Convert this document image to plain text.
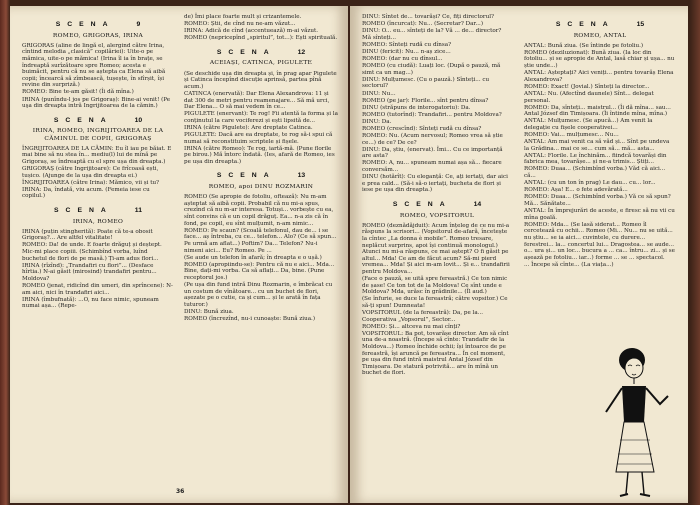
SCENA	9
ROMEO, GRIGORAS, IRINA

GRIGORAS (aline de lingă el, alergind către Irina, cîntind melodia „clasică” copilăriei): Uite-o pe mămica, uite-o pe mămica! (Irina îl ia în brațe, se îndreaptă surîzătoare spre Romeo; acesta e buimăcit, pentru că nu se aștepta ca Elena să aibă copii; încearcă să zîmbească, tușește, în sfîrșit, își revine din surpriză.)

ROMEO: Bine te-am găsit! (Îi dă mîna.)

IRINA (punîndu-l jos pe Grigoraș): Bine-ai venit! (Pe uşa din dreapta intră Ingrijitoarea de la cămin.)

SCENA	10
IRINA, ROMEO, INGRIJITOAREA DE LA CĂMINUL DE COPII, GRIGORAȘ

ÎNGRIJITOAREA DE LA CĂMIN: Eu îl iau pe băiat. E mai bine să nu stea în... mediu(l) lui de mînă pe Grigoraș, se îndreaptă cu el spre ușa din dreapta.)

GRIGORAȘ (către Ingrijitoare): Ce frîcoasă ești, tușico. (Ajunge de la ușa din dreapta ei.)

ÎNGRIJITOAREA (către Irina): Mămico, vii și tu?

IRINA: Da, îndată, viu acum. (Femeia iese cu copilul.)

SCENA	11
IRINA, ROMEO

IRINA (puțin stingherită): Poate că te-a obosit Grigoraș?... Are altfel vitalitate!

ROMEO: Da! de unde. E foarte drăguț și deștept. Mic-mi place copiii. (Schimbînd vorba, luînd buchetul de flori de pe masă.) Ți-am adus flori...

IRINA (rîzînd): „Trandafiri cu flori”... (Desface hîrtia.) N-ai găsit (mirosind) trandafiri pentru... Moldova?

ROMEO (jenat, ridicînd din umeri, din sprîncene): N-am aici, nici în trandafiri aici...

IRINA (îmbufnată): ...O, nu face nimic, spuneam numai așa... (Repe-

de) Îmi place foarte mult și crizantemele.

ROMEO: Știi, de cînd nu ne-am văzut...

IRINA: Adică de cînd (accentuează) m-ai văzut.

ROMEO (nepricepînd „spiritul”, tot...): Ești spirituală.

SCENA	12
ACEIAȘI, CATINCA, PIGULETE

(Se deschide ușa din dreapta și, în prag apar Pigulete și Catinca începînd discuție aprinsă, partea pînă acum.)

CATINCA (enervată): Dar Elena Alexandrova: 11 și dat 300 de metri pentru reamenajare... Să mă urci, Dar Elena... O să mai vedem în ce...

PIGULETE (enervant): Te rog! Fii atentă la forma și la conținutul la care vociferezi și ești lipsită de...

IRINA (către Pigulete): Are dreptate Catinca.

PIGULETE: Dacă are ea dreptate, te rog să-i spui că numai să reconstituim scriptele și fișele.

IRINA (către Romeo): Te rog, iartă-mă. (Pune florile pe birou.) Mă întorc îndată. (Ies, afară de Romeo, ies pe ușa din dreapta.)

SCENA	13
ROMEO, apoi DINU ROZMARIN

ROMEO (Se apropie de fotoliu, oftează): Nu m-am așteptat să aibă copii. Probabil că nu mi-a spus, crezînd că nu m-ar interesa. Totuși... vorbește cu ea, sînt convins că e un copil drăguț. Ea... n-a zis că în fond, pe copil, eu sînt mulțumit, n-am nimic...

ROMEO: Pe scaun? (Scoală telefonul, dau de... i se face... aș întreba, cu ce... telefon... Alo? (Ce să spun... Pe urmă am aflat...) Poftim? Da... Telefon? Nu-i nimeni aici... Eu? Romeo. Pe ...

(Se aude un telefon în afară; în dreapta e o ușă.)

ROMEO (apropiindu-se): Pentru că nu e aici... Mda... Bine, dați-mi vorba. Ca să aflați... Da, bine. (Pune receptorul jos.)

(Pe ușa din fund intră Dinu Rozmarin, e îmbrăcat cu un costum de vînătoare... cu un buchet de flori, așezate pe o cutie, ca și cum... și le arată în fața tuturor.)

DINU: Bună ziua.

ROMEO (încrezînd, nu-i cunoaște: Bună ziua.)

36

DINU: Sîntet de... tovarăși? Ce, fiți directorul?

ROMEO (încurcat): Nu... (Secretar? Dar...)

DINU: O... eu... sînteți de la? Vă ... de... director? Mă sînteți...

ROMEO: Sînteți rudă cu dînsa?

DINU (fericit): Nu... n-aș zice...

ROMEO: (dar nu cu dînsul...

ROMEO (cu ciudă): Luați loc. (După o pauză, mă simt ca un mag...)

DINU: Mulțumesc. (Cu o pauză.) Sînteți... cu sectorul?

DINU: Nu...

ROMEO (pe jar): Florile... sînt pentru dînsa?

DINU (străpuns de interogatoriu): Da.

ROMEO (tutorînd): Trandafiri... pentru Moldova?

DINU: Da.

ROMEO (crescînd): Sînteți rudă cu dînsa?

ROMEO: Nu. (Acum nervosul; Romeo vrea să știe ce...) de ce? De ce?

DINU: Da, știu, (enervat). Îmi... Cu ce importanță are asta?

ROMEO: A, nu... spuneam numai așa să... fiecare conversăm...

DINU (hotărît): Cu eleganță: Ce, ați iertați, dar aici e prea cald... (Să-i să-o iertați, bucheta de flori și iese pe ușa din dreapta.)

SCENA	14
ROMEO, VOPSITORUL

ROMEO (deznădăjduit): Acum înțeleg de ce nu mi-a răspuns la scrisori... (Vopsitorul de-afară, încetește la cîntec „La donna è mobile”. Romeo tresare, neplăcut surprins, apoi își continuă monologul.) Atunci nu mi-a răspuns, ce mai aștept? O fi găsit pe altul... Mda! Ce am de făcut acum? Să-mi pierd vremea... Mda! Și aici m-am lovit... Și e... trandafirii pentru Moldova...

(Face o pauză, se uită spre fereastră.) Ce ton nimic de șase! Ce ton tot de la Moldova! Ce sînt unde e Moldova? Mda, urăsc în grădinile... (Îl aud.)

(Se înfurie, se duce la fereastră; către vopsitor.) Ce să-ți spun! Dumneata!

VOPSITORUL (de la fereastră): Da, pe la... Cooperativa „Vopsorul”, Sector...

ROMEO: Și... altceva nu mai cînți?

VOPSITORUL: Ba pot, tovarășe director. Am să cînt una de-a noastră. (Începe să cînte: Trandafir de la Moldova...) Romeo închide ochii; își întoarce de pe fereastră, își aruncă pe fereastra... În cel moment, pe ușa din fund intră maistrul Antal József din Timișoara. De statură potrivită... are în mînă un buchet de flori.

SCENA	15
ROMEO, ANTAL

ANTAL: Bună ziua. (Se întinde pe fotoliu.)

ROMEO (deziluzionat): Bună ziua. (Ia loc din fotoliu... și se apropie de Antal, lasă chiar și ușa... nu știe unde...)

ANTAL: Așteptați? Aici veniți... pentru tovarăș Elena Alexandrova?

ROMEO: Exact! (Jovial.) Sînteți la director...

ANTAL: Nu. (Afectînd daunele) Sînt... delegat personal.

ROMEO: Da, sînteți... maistrul... (Îi dă mîna... sau... Antal József din Timișoara. (Îi întinde mîna, mîna.)

ANTAL: Mulțumesc. (Se apucă...) Am venit la delegație cu fișele cooperativei...

ROMEO: Vai... mulțumesc... Nu...

ANTAL: Am mai venit ca să văd și... Sînt pe undeva la Grădina... mai ce se... cum să... mă... asta...

ANTAL: Florile. Le închinăm... fiindcă tovarăși din fabrica mea, tovarășe... și ne-a trimis... Știți...

ROMEO: Duaa... (Schimbînd vorba.) Văd că aici... că...

ANTAL: (cu un ton în prag) Le dau... cu... lor...

ROMEO: Așa! E... o fete adevărată...

ROMEO: Duaa... (Schimbînd vorba.) Vă ce să spun? Mă... Sănătate...

ANTAL: În împrejurări de aceste, e firesc să nu vii cu mîna goală.

ROMEO: Mda... (Se lasă siderat... Romeo îl cercetează cu ochii... Romeo (Mi... Nu... nu se uită... nu știu... se ia aici... cuvintele, cu durere... ferestrei... la... concertul lui... Dragostea... se aude... o... ura și... un loc... bucura a ... ca... întru... zi... și se așează pe fotoliu... iar...) forme ... se ... spectacol.

... Începe să cînte... (La viața...)
